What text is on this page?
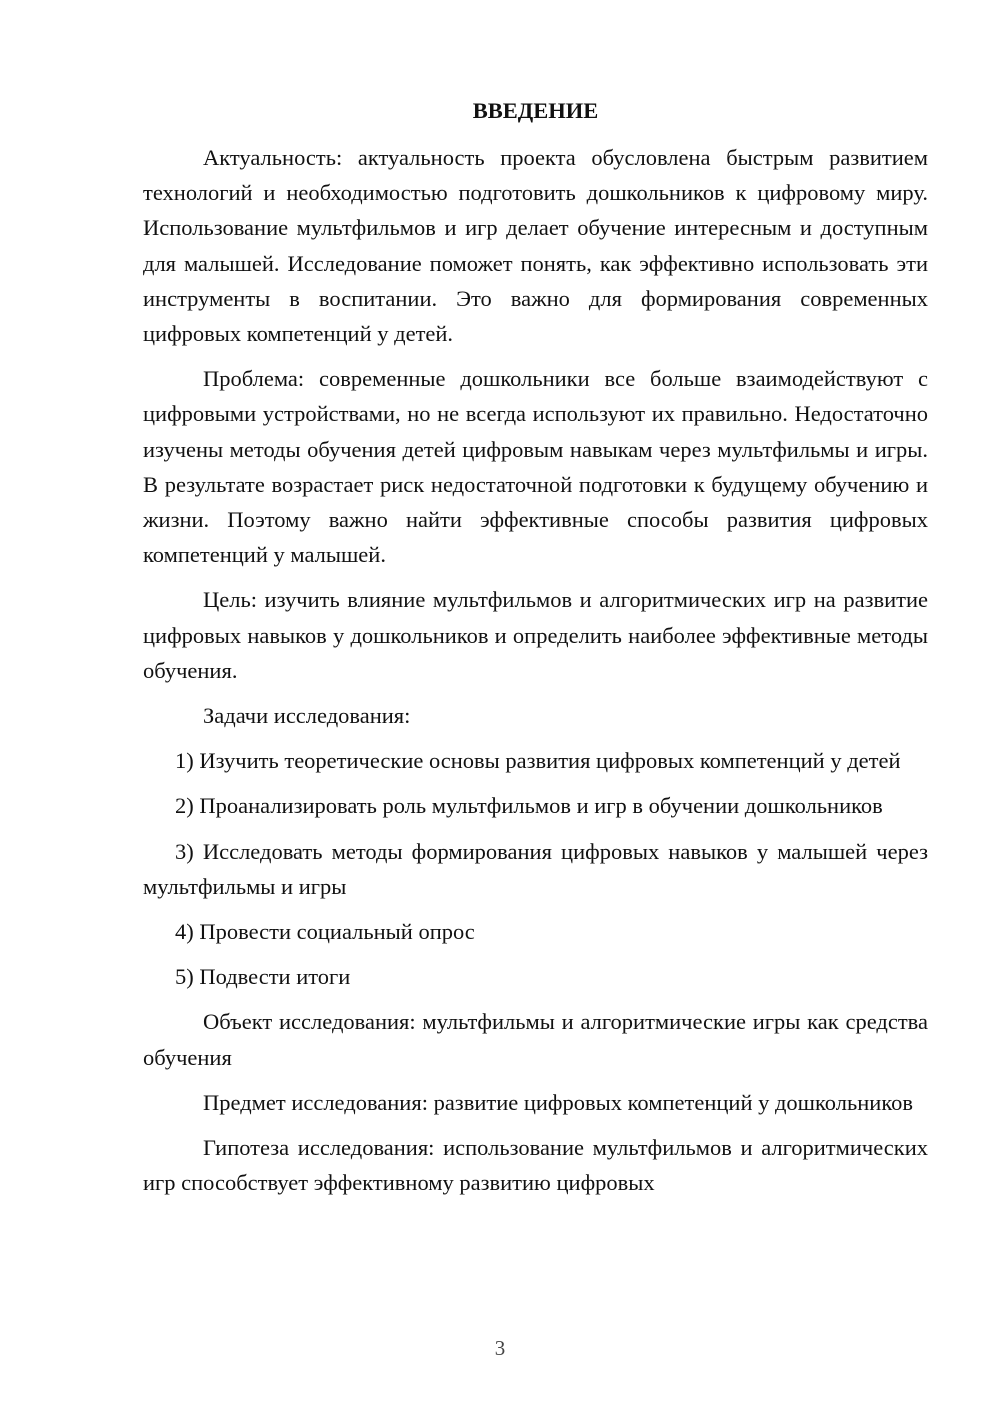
ВВЕДЕНИЕ
Актуальность: актуальность проекта обусловлена быстрым развитием технологий и необходимостью подготовить дошкольников к цифровому миру. Использование мультфильмов и игр делает обучение интересным и доступным для малышей. Исследование поможет понять, как эффективно использовать эти инструменты в воспитании. Это важно для формирования современных цифровых компетенций у детей.
Проблема: современные дошкольники все больше взаимодействуют с цифровыми устройствами, но не всегда используют их правильно. Недостаточно изучены методы обучения детей цифровым навыкам через мультфильмы и игры. В результате возрастает риск недостаточной подготовки к будущему обучению и жизни. Поэтому важно найти эффективные способы развития цифровых компетенций у малышей.
Цель: изучить влияние мультфильмов и алгоритмических игр на развитие цифровых навыков у дошкольников и определить наиболее эффективные методы обучения.
Задачи исследования:
1) Изучить теоретические основы развития цифровых компетенций у детей
2) Проанализировать роль мультфильмов и игр в обучении дошкольников
3) Исследовать методы формирования цифровых навыков у малышей через мультфильмы и игры
4) Провести социальный опрос
5) Подвести итоги
Объект исследования: мультфильмы и алгоритмические игры как средства обучения
Предмет исследования: развитие цифровых компетенций у дошкольников
Гипотеза исследования: использование мультфильмов и алгоритмических игр способствует эффективному развитию цифровых
3
